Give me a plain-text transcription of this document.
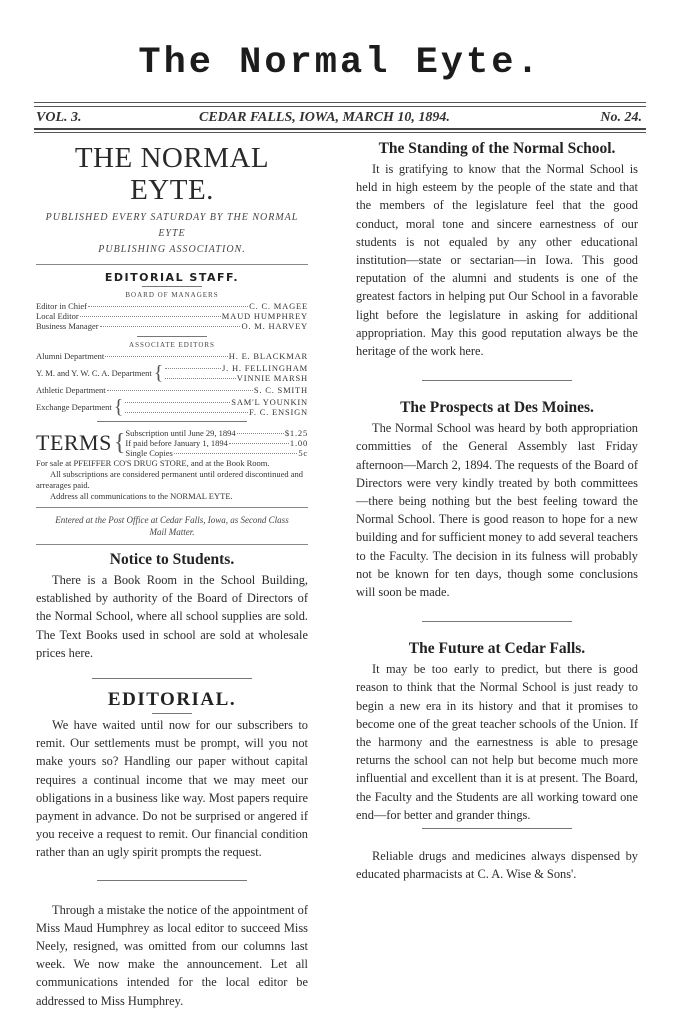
The Normal Eyte.
VOL. 3.	CEDAR FALLS, IOWA, MARCH 10, 1894.	No. 24.
THE NORMAL EYTE.
PUBLISHED EVERY SATURDAY BY THE NORMAL EYTE
PUBLISHING ASSOCIATION.
EDITORIAL STAFF.
BOARD OF MANAGERS
Editor in Chief	C. C. MAGEE
Local Editor	MAUD HUMPHREY
Business Manager	O. M. HARVEY
ASSOCIATE EDITORS
Alumni Department	H. E. BLACKMAR
Y. M. and Y. W. C. A. Department {	J. H. FELLINGHAM
VINNIE MARSH
Athletic Department	S. C. SMITH
Exchange Department {	SAM'L YOUNKIN
F. C. ENSIGN
TERMS { Subscription until June 29, 1894	$1.25
If paid before January 1, 1894	1.00
Single Copies	5c
For sale at PFEIFFER CO'S DRUG STORE, and at the Book Room.
All subscriptions are considered permanent until ordered discontinued and arrearages paid.
Address all communications to the NORMAL EYTE.
Entered at the Post Office at Cedar Falls, Iowa, as Second Class Mail Matter.
Notice to Students.

There is a Book Room in the School Building, established by authority of the Board of Directors of the Normal School, where all school supplies are sold. The Text Books used in school are sold at wholesale prices here.

EDITORIAL.

We have waited until now for our subscribers to remit. Our settlements must be prompt, will you not make yours so? Handling our paper without capital requires a continual income that we may meet our obligations in a business like way. Most papers require payment in advance. Do not be surprised or angered if you receive a request to remit. Our financial condition rather than an ugly spirit prompts the request.

Through a mistake the notice of the appointment of Miss Maud Humphrey as local editor to succeed Miss Neely, resigned, was omitted from our columns last week. We now make the announcement. Let all communications intended for the local editor be addressed to Miss Humphrey.

The Standing of the Normal School.

It is gratifying to know that the Normal School is held in high esteem by the people of the state and that the members of the legislature feel that the good conduct, moral tone and sincere earnestness of our students is not equaled by any other educational institution—state or sectarian—in Iowa. This good reputation of the alumni and students is one of the greatest factors in helping put Our School in a favorable light before the legislature in asking for additional appropriation. May this good reputation always be the heritage of the work here.

The Prospects at Des Moines.

The Normal School was heard by both appropriation committies of the General Assembly last Friday afternoon—March 2, 1894. The requests of the Board of Directors were very kindly treated by both committees—there being nothing but the best feeling toward the Normal School. There is good reason to hope for a new building and for sufficient money to add several teachers to the Faculty. The decision in its fulness will probably not be known for ten days, though some conclusions will soon be made.

The Future at Cedar Falls.

It may be too early to predict, but there is good reason to think that the Normal School is just ready to begin a new era in its history and that it promises to become one of the great teacher schools of the Union. If the harmony and the earnestness is able to presage returns the school can not help but become much more influential and excellent than it is at present. The Board, the Faculty and the Students are all working toward one end—for better and grander things.

Reliable drugs and medicines always dispensed by educated pharmacists at C. A. Wise & Sons'.
